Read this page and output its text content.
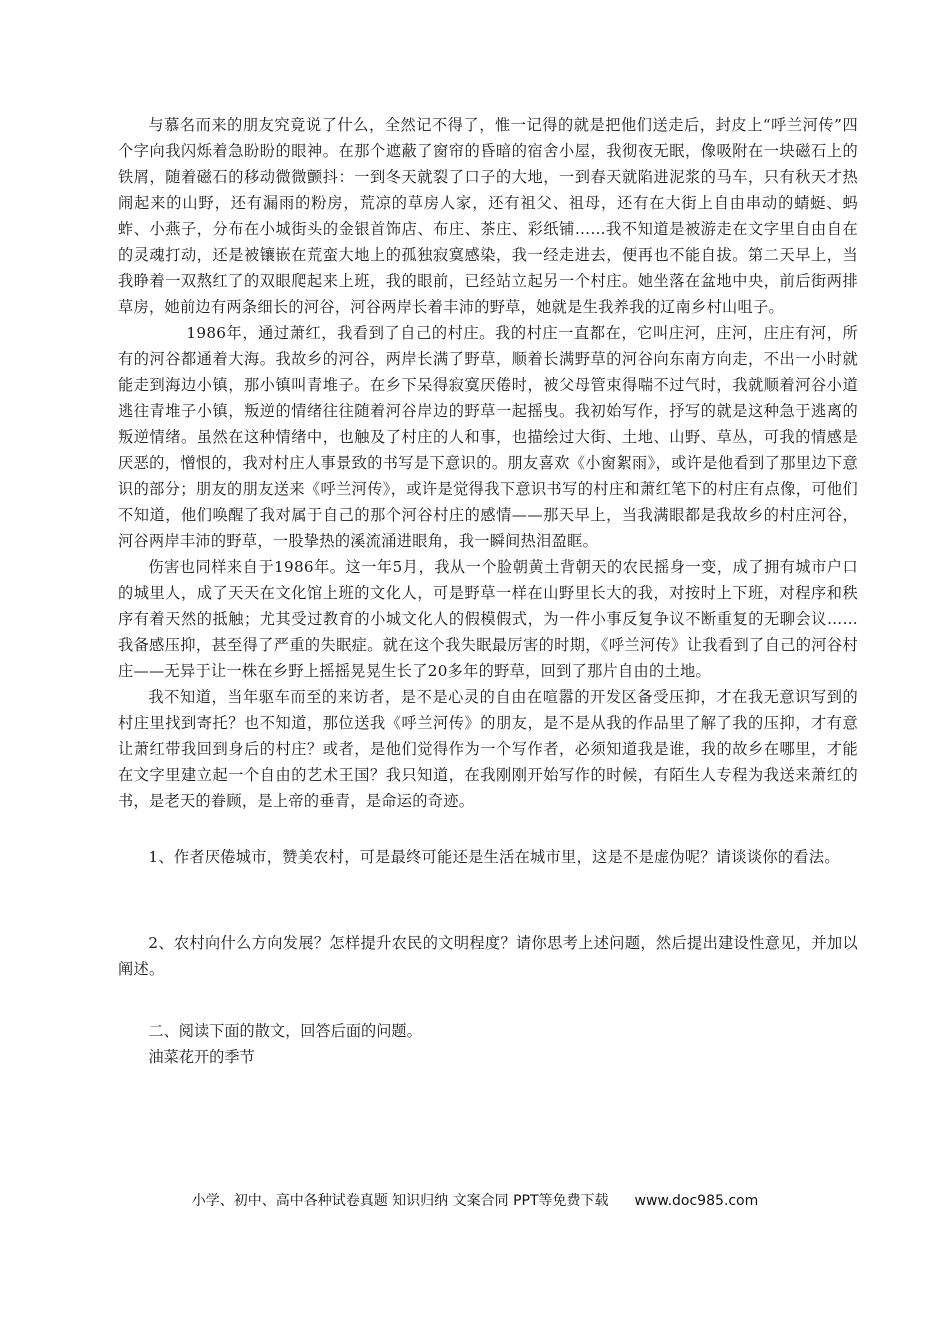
与慕名而来的朋友究竟说了什么，全然记不得了，惟一记得的就是把他们送走后，封皮上“呼兰河传”四个字向我闪烁着急盼盼的眼神。在那个遮蔽了窗帘的昏暗的宿舍小屋，我彻夜无眠，像吸附在一块磁石上的铁屑，随着磁石的移动微微颤抖：一到冬天就裂了口子的大地，一到春天就陷进泥浆的马车，只有秋天才热闹起来的山野，还有漏雨的粉房，荒凉的草房人家，还有祖父、祖母，还有在大街上自由串动的蜻蜓、蚂蚱、小燕子，分布在小城街头的金银首饰店、布庄、茶庄、彩纸铺……我不知道是被游走在文字里自由自在的灵魂打动，还是被镶嵌在荒蛮大地上的孤独寂寞感染，我一经走进去，便再也不能自拔。第二天早上，当我睁着一双熬红了的双眼爬起来上班，我的眼前，已经站立起另一个村庄。她坐落在盆地中央，前后街两排草房，她前边有两条细长的河谷，河谷两岸长着丰沛的野草，她就是生我养我的辽南乡村山咀子。

1986年，通过萧红，我看到了自己的村庄。我的村庄一直都在，它叫庄河，庄河，庄庄有河，所有的河谷都通着大海。我故乡的河谷，两岸长满了野草，顺着长满野草的河谷向东南方向走，不出一小时就能走到海边小镇，那小镇叫青堆子。在乡下呆得寂寞厌倦时，被父母管束得喘不过气时，我就顺着河谷小道逃往青堆子小镇，叛逆的情绪往往随着河谷岸边的野草一起摇曳。我初始写作，抒写的就是这种急于逃离的叛逆情绪。虽然在这种情绪中，也触及了村庄的人和事，也描绘过大街、土地、山野、草丛，可我的情感是厌恶的，憎恨的，我对村庄人事景致的书写是下意识的。朋友喜欢《小窗絮雨》，或许是他看到了那里边下意识的部分；朋友的朋友送来《呼兰河传》，或许是觉得我下意识书写的村庄和萧红笔下的村庄有点像，可他们不知道，他们唤醒了我对属于自己的那个河谷村庄的感情——那天早上，当我满眼都是我故乡的村庄河谷，河谷两岸丰沛的野草，一股挚热的溪流涌进眼角，我一瞬间热泪盈眶。

伤害也同样来自于1986年。这一年5月，我从一个脸朝黄土背朝天的农民摇身一变，成了拥有城市户口的城里人，成了天天在文化馆上班的文化人，可是野草一样在山野里长大的我，对按时上下班，对程序和秩序有着天然的抵触；尤其受过教育的小城文化人的假模假式，为一件小事反复争议不断重复的无聊会议……我备感压抑，甚至得了严重的失眠症。就在这个我失眠最厉害的时期，《呼兰河传》让我看到了自己的河谷村庄——无异于让一株在乡野上摇摇晃晃生长了20多年的野草，回到了那片自由的土地。

我不知道，当年驱车而至的来访者，是不是心灵的自由在喧嚣的开发区备受压抑，才在我无意识写到的村庄里找到寄托？也不知道，那位送我《呼兰河传》的朋友，是不是从我的作品里了解了我的压抑，才有意让萧红带我回到身后的村庄？或者，是他们觉得作为一个写作者，必须知道我是谁，我的故乡在哪里，才能在文字里建立起一个自由的艺术王国？我只知道，在我刚刚开始写作的时候，有陌生人专程为我送来萧红的书，是老天的眷顾，是上帝的垂青，是命运的奇迹。

1、作者厌倦城市，赞美农村，可是最终可能还是生活在城市里，这是不是虚伪呢？请谈谈你的看法。

2、农村向什么方向发展？怎样提升农民的文明程度？请你思考上述问题，然后提出建设性意见，并加以阐述。

二、阅读下面的散文，回答后面的问题。

油菜花开的季节

小学、初中、高中各种试卷真题 知识归纳 文案合同 PPT等免费下载 www.doc985.com
